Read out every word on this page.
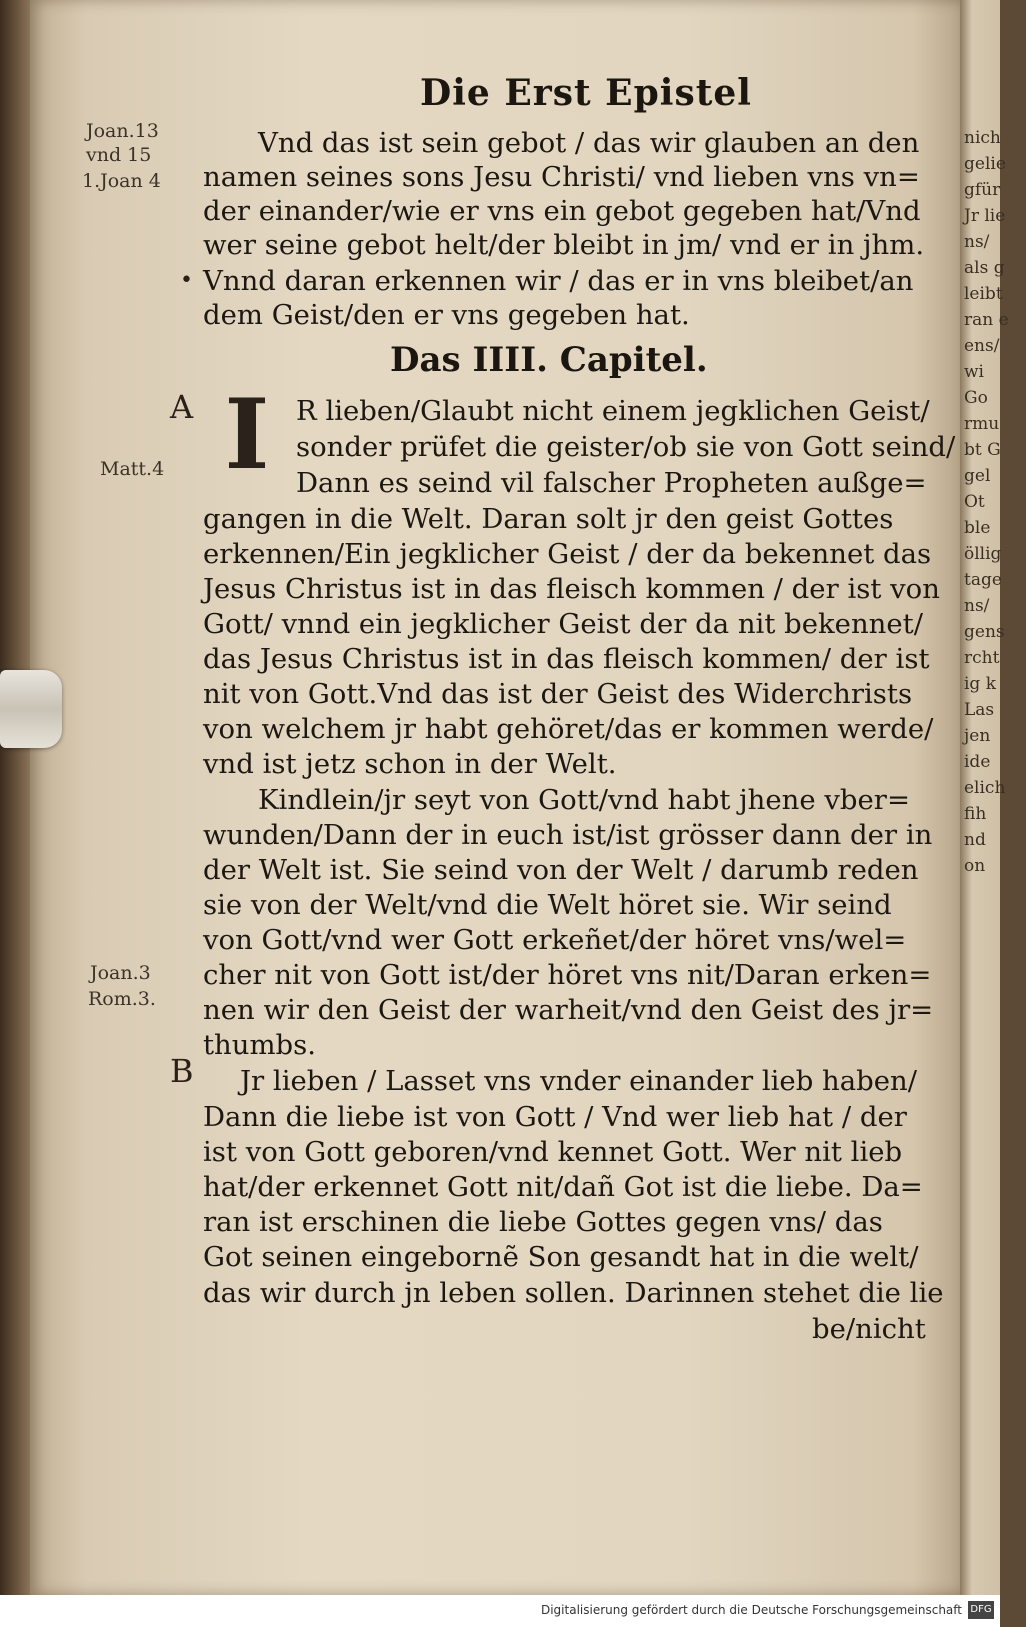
nich
gelie
gfür
Jr lie
ns/
als g
leibt
ran e
ens/
wi
Go
rmu
bt G
gel
Ot
ble
öllig
tage
ns/
gens
rcht
ig k
Las
jen
ide
elich
fih
nd
on
Die Erst Epistel
Das IIII. Capitel.
Joan.13
vnd 15
1.Joan 4
Matt.4
Joan.3
Rom.3.
A
B
•
I
Vnd das ist sein gebot / das wir glauben an den
namen seines sons Jesu Christi/ vnd lieben vns vn=
der einander/wie er vns ein gebot gegeben hat/Vnd
wer seine gebot helt/der bleibt in jm/ vnd er in jhm.
Vnnd daran erkennen wir / das er in vns bleibet/an
dem Geist/den er vns gegeben hat.
R lieben/Glaubt nicht einem jegklichen Geist/
sonder prüfet die geister/ob sie von Gott seind/
Dann es seind vil falscher Propheten außge=
gangen in die Welt. Daran solt jr den geist Gottes
erkennen/Ein jegklicher Geist / der da bekennet das
Jesus Christus ist in das fleisch kommen / der ist von
Gott/ vnnd ein jegklicher Geist der da nit bekennet/
das Jesus Christus ist in das fleisch kommen/ der ist
nit von Gott.Vnd das ist der Geist des Widerchrists
von welchem jr habt gehöret/das er kommen werde/
vnd ist jetz schon in der Welt.
Kindlein/jr seyt von Gott/vnd habt jhene vber=
wunden/Dann der in euch ist/ist grösser dann der in
der Welt ist. Sie seind von der Welt / darumb reden
sie von der Welt/vnd die Welt höret sie. Wir seind
von Gott/vnd wer Gott erkeñet/der höret vns/wel=
cher nit von Gott ist/der höret vns nit/Daran erken=
nen wir den Geist der warheit/vnd den Geist des jr=
thumbs.
Jr lieben / Lasset vns vnder einander lieb haben/
Dann die liebe ist von Gott / Vnd wer lieb hat / der
ist von Gott geboren/vnd kennet Gott. Wer nit lieb
hat/der erkennet Gott nit/dañ Got ist die liebe. Da=
ran ist erschinen die liebe Gottes gegen vns/ das
Got seinen eingebornẽ Son gesandt hat in die welt/
das wir durch jn leben sollen. Darinnen stehet die lie
be/nicht
Digitalisierung gefördert durch die Deutsche Forschungsgemeinschaft DFG
